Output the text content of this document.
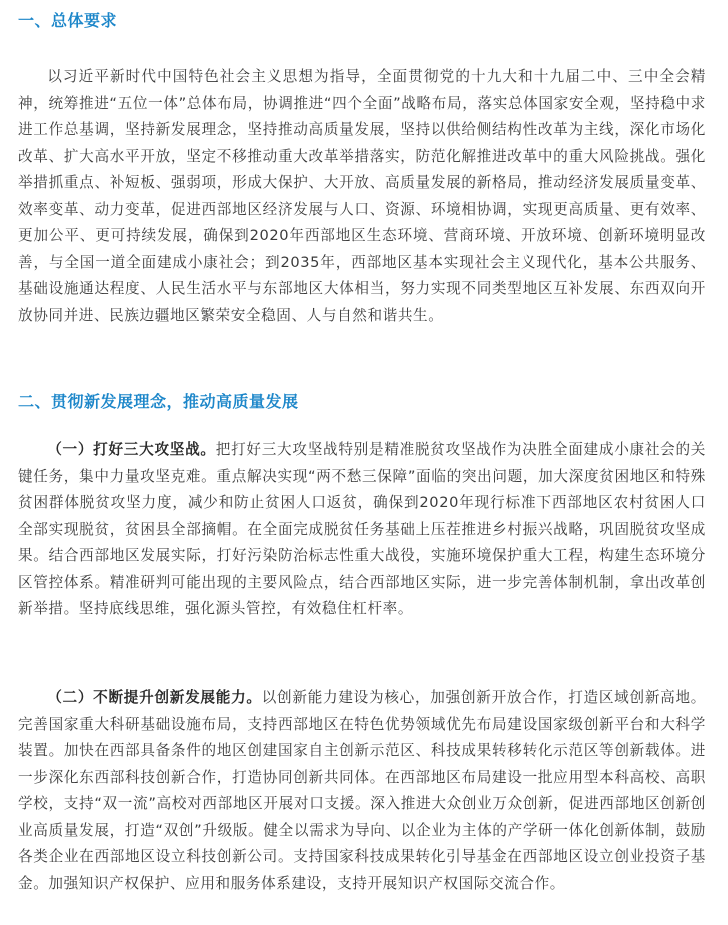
一、总体要求

以习近平新时代中国特色社会主义思想为指导，全面贯彻党的十九大和十九届二中、三中全会精神，统筹推进“五位一体”总体布局，协调推进“四个全面”战略布局，落实总体国家安全观，坚持稳中求进工作总基调，坚持新发展理念，坚持推动高质量发展，坚持以供给侧结构性改革为主线，深化市场化改革、扩大高水平开放，坚定不移推动重大改革举措落实，防范化解推进改革中的重大风险挑战。强化举措抓重点、补短板、强弱项，形成大保护、大开放、高质量发展的新格局，推动经济发展质量变革、效率变革、动力变革，促进西部地区经济发展与人口、资源、环境相协调，实现更高质量、更有效率、更加公平、更可持续发展，确保到2020年西部地区生态环境、营商环境、开放环境、创新环境明显改善，与全国一道全面建成小康社会；到2035年，西部地区基本实现社会主义现代化，基本公共服务、基础设施通达程度、人民生活水平与东部地区大体相当，努力实现不同类型地区互补发展、东西双向开放协同并进、民族边疆地区繁荣安全稳固、人与自然和谐共生。

二、贯彻新发展理念，推动高质量发展

（一）打好三大攻坚战。把打好三大攻坚战特别是精准脱贫攻坚战作为决胜全面建成小康社会的关键任务，集中力量攻坚克难。重点解决实现“两不愁三保障”面临的突出问题，加大深度贫困地区和特殊贫困群体脱贫攻坚力度，减少和防止贫困人口返贫，确保到2020年现行标准下西部地区农村贫困人口全部实现脱贫，贫困县全部摘帽。在全面完成脱贫任务基础上压茬推进乡村振兴战略，巩固脱贫攻坚成果。结合西部地区发展实际，打好污染防治标志性重大战役，实施环境保护重大工程，构建生态环境分区管控体系。精准研判可能出现的主要风险点，结合西部地区实际，进一步完善体制机制，拿出改革创新举措。坚持底线思维，强化源头管控，有效稳住杠杆率。

（二）不断提升创新发展能力。以创新能力建设为核心，加强创新开放合作，打造区域创新高地。完善国家重大科研基础设施布局，支持西部地区在特色优势领域优先布局建设国家级创新平台和大科学装置。加快在西部具备条件的地区创建国家自主创新示范区、科技成果转移转化示范区等创新载体。进一步深化东西部科技创新合作，打造协同创新共同体。在西部地区布局建设一批应用型本科高校、高职学校，支持“双一流”高校对西部地区开展对口支援。深入推进大众创业万众创新，促进西部地区创新创业高质量发展，打造“双创”升级版。健全以需求为导向、以企业为主体的产学研一体化创新体制，鼓励各类企业在西部地区设立科技创新公司。支持国家科技成果转化引导基金在西部地区设立创业投资子基金。加强知识产权保护、应用和服务体系建设，支持开展知识产权国际交流合作。
